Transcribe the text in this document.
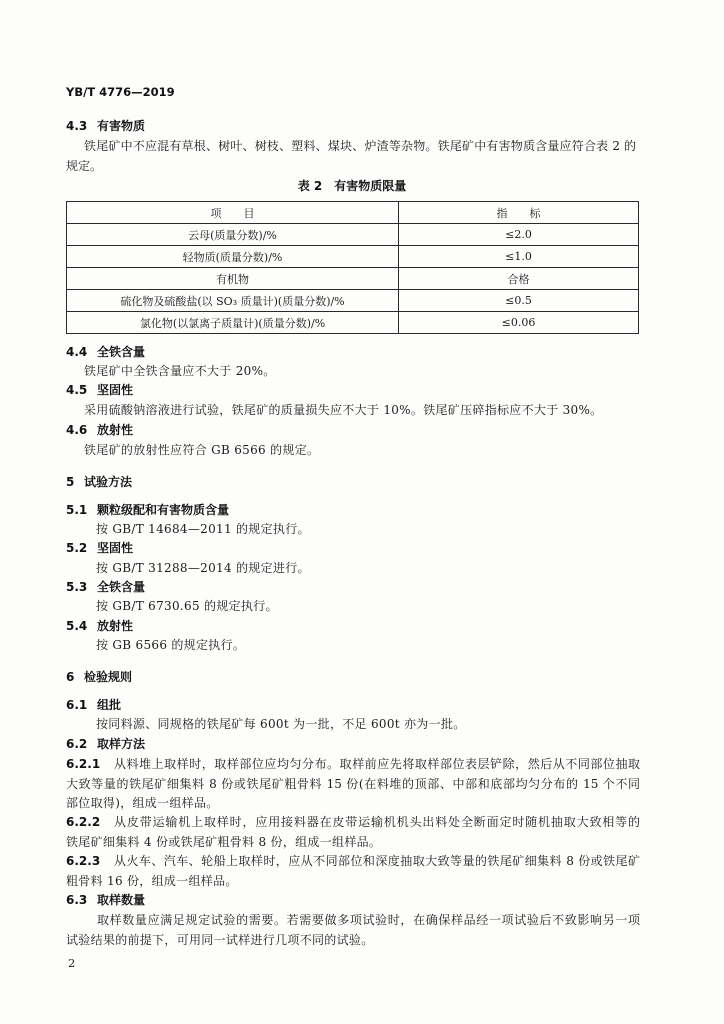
YB/T 4776—2019
4.3 有害物质
铁尾矿中不应混有草根、树叶、树枝、塑料、煤块、炉渣等杂物。铁尾矿中有害物质含量应符合表 2 的
规定。
表 2　有害物质限量
项　　目	指　　标
云母(质量分数)/%	≤2.0
轻物质(质量分数)/%	≤1.0
有机物	合格
硫化物及硫酸盐(以 SO₃ 质量计)(质量分数)/%	≤0.5
氯化物(以氯离子质量计)(质量分数)/%	≤0.06
4.4 全铁含量
铁尾矿中全铁含量应不大于 20%。
4.5 坚固性
采用硫酸钠溶液进行试验，铁尾矿的质量损失应不大于 10%。铁尾矿压碎指标应不大于 30%。
4.6 放射性
铁尾矿的放射性应符合 GB 6566 的规定。
5 试验方法
5.1 颗粒级配和有害物质含量
按 GB/T 14684—2011 的规定执行。
5.2 坚固性
按 GB/T 31288—2014 的规定进行。
5.3 全铁含量
按 GB/T 6730.65 的规定执行。
5.4 放射性
按 GB 6566 的规定执行。
6 检验规则
6.1 组批
按同料源、同规格的铁尾矿每 600t 为一批，不足 600t 亦为一批。
6.2 取样方法
6.2.1 从料堆上取样时，取样部位应均匀分布。取样前应先将取样部位表层铲除，然后从不同部位抽取
大致等量的铁尾矿细集料 8 份或铁尾矿粗骨料 15 份(在料堆的顶部、中部和底部均匀分布的 15 个不同
部位取得)，组成一组样品。
6.2.2 从皮带运输机上取样时，应用接料器在皮带运输机机头出料处全断面定时随机抽取大致相等的
铁尾矿细集料 4 份或铁尾矿粗骨料 8 份，组成一组样品。
6.2.3 从火车、汽车、轮船上取样时，应从不同部位和深度抽取大致等量的铁尾矿细集料 8 份或铁尾矿
粗骨料 16 份，组成一组样品。
6.3 取样数量
取样数量应满足规定试验的需要。若需要做多项试验时，在确保样品经一项试验后不致影响另一项
试验结果的前提下，可用同一试样进行几项不同的试验。
2
